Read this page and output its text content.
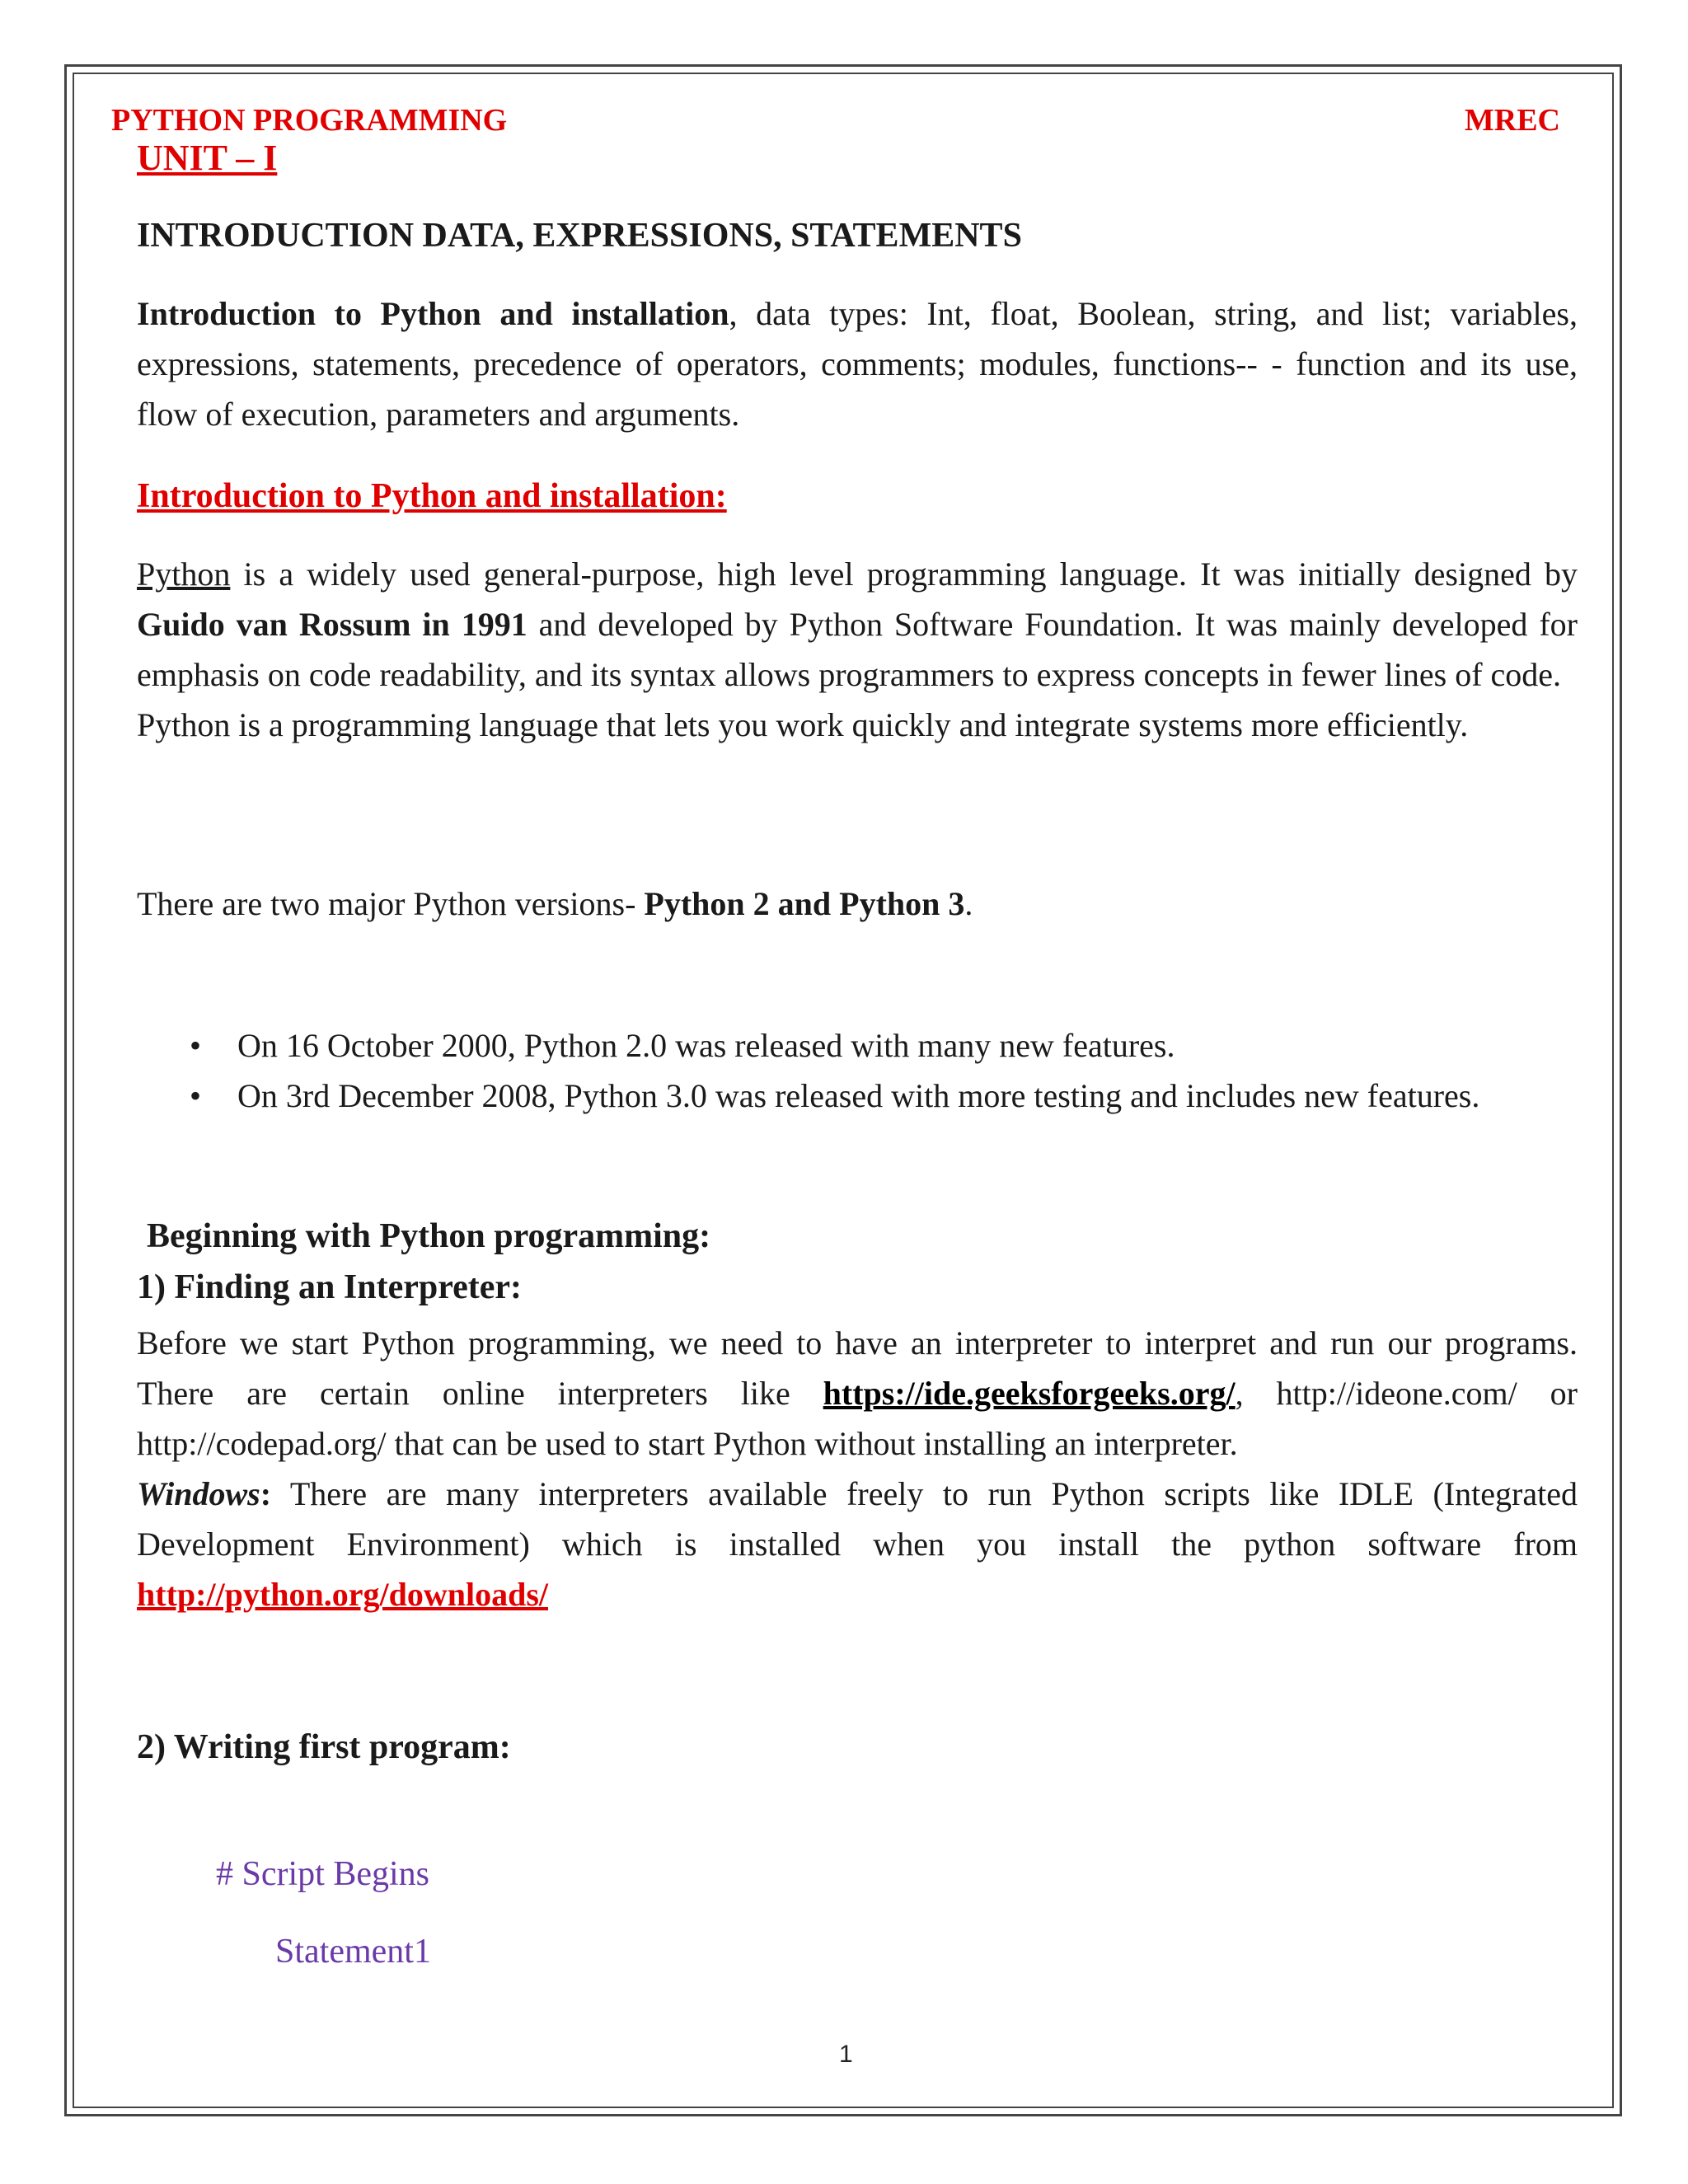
PYTHON PROGRAMMING	MREC
UNIT – I
INTRODUCTION DATA, EXPRESSIONS, STATEMENTS

Introduction to Python and installation, data types: Int, float, Boolean, string, and list; variables, expressions, statements, precedence of operators, comments; modules, functions-- - function and its use, flow of execution, parameters and arguments.

Introduction to Python and installation:

Python is a widely used general-purpose, high level programming language. It was initially designed by Guido van Rossum in 1991 and developed by Python Software Foundation. It was mainly developed for emphasis on code readability, and its syntax allows programmers to express concepts in fewer lines of code.

Python is a programming language that lets you work quickly and integrate systems more efficiently.

There are two major Python versions- Python 2 and Python 3.

• On 16 October 2000, Python 2.0 was released with many new features.
• On 3rd December 2008, Python 3.0 was released with more testing and includes new features.
Beginning with Python programming:
1) Finding an Interpreter:

Before we start Python programming, we need to have an interpreter to interpret and run our programs. There are certain online interpreters like https://ide.geeksforgeeks.org/, http://ideone.com/ or http://codepad.org/ that can be used to start Python without installing an interpreter.

Windows: There are many interpreters available freely to run Python scripts like IDLE (Integrated Development Environment) which is installed when you install the python software from http://python.org/downloads/

2) Writing first program:
# Script Begins
Statement1
1
